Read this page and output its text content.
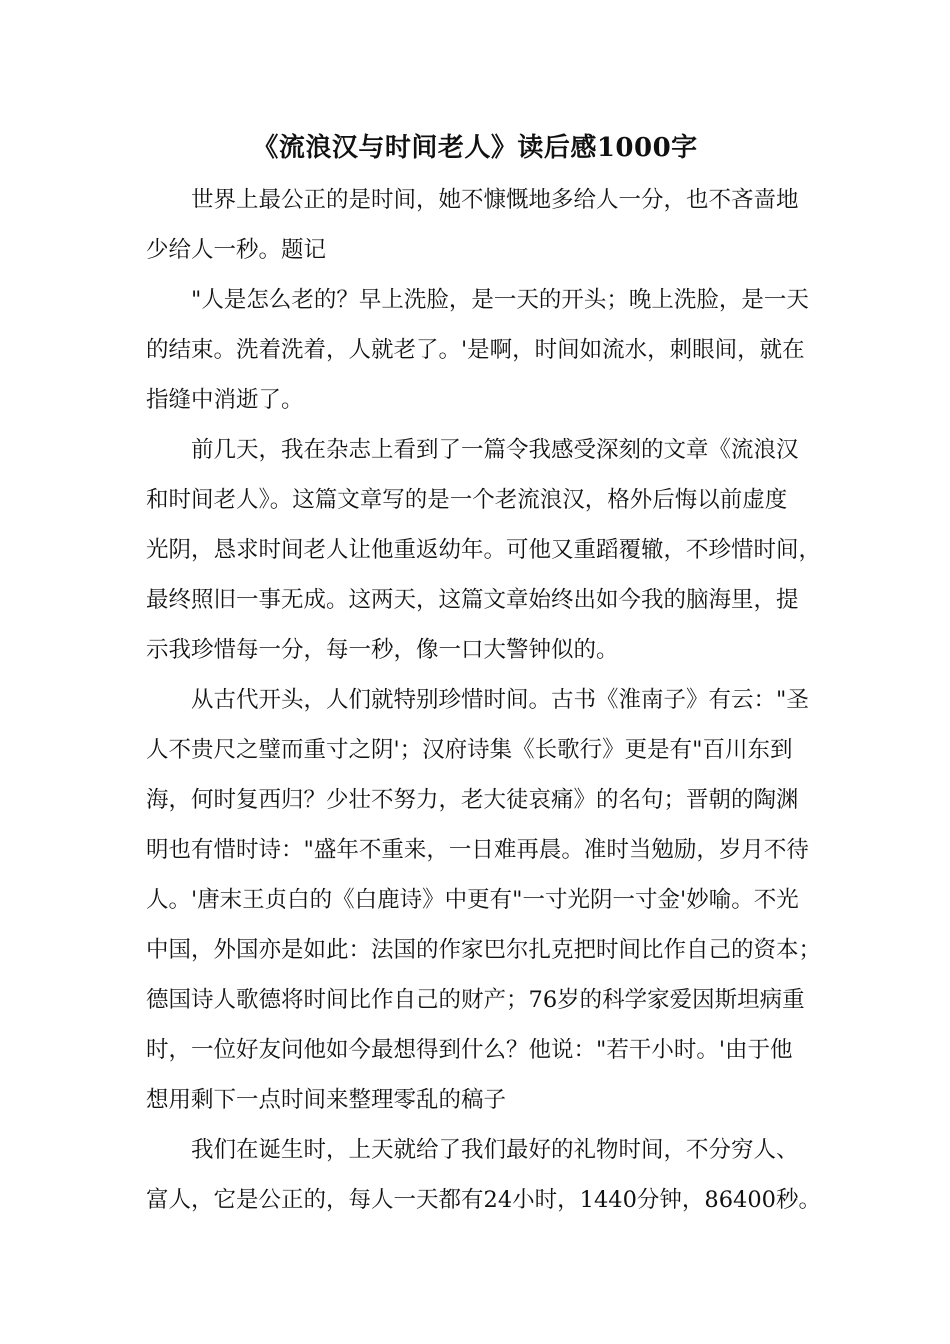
《流浪汉与时间老人》读后感1000字
世界上最公正的是时间，她不慷慨地多给人一分，也不吝啬地
少给人一秒。题记
"人是怎么老的？早上洗脸，是一天的开头；晚上洗脸，是一天
的结束。洗着洗着，人就老了。'是啊，时间如流水，刺眼间，就在
指缝中消逝了。
前几天，我在杂志上看到了一篇令我感受深刻的文章《流浪汉
和时间老人》。这篇文章写的是一个老流浪汉，格外后悔以前虚度
光阴，恳求时间老人让他重返幼年。可他又重蹈覆辙，不珍惜时间，
最终照旧一事无成。这两天，这篇文章始终出如今我的脑海里，提
示我珍惜每一分，每一秒，像一口大警钟似的。
从古代开头，人们就特别珍惜时间。古书《淮南子》有云："圣
人不贵尺之璧而重寸之阴'；汉府诗集《长歌行》更是有"百川东到
海，何时复西归？少壮不努力，老大徒哀痛》的名句；晋朝的陶渊
明也有惜时诗："盛年不重来，一日难再晨。准时当勉励，岁月不待
人。'唐末王贞白的《白鹿诗》中更有"一寸光阴一寸金'妙喻。不光
中国，外国亦是如此：法国的作家巴尔扎克把时间比作自己的资本；
德国诗人歌德将时间比作自己的财产；76岁的科学家爱因斯坦病重
时，一位好友问他如今最想得到什么？他说："若干小时。'由于他
想用剩下一点时间来整理零乱的稿子
我们在诞生时，上天就给了我们最好的礼物时间，不分穷人、
富人，它是公正的，每人一天都有24小时，1440分钟，86400秒。
